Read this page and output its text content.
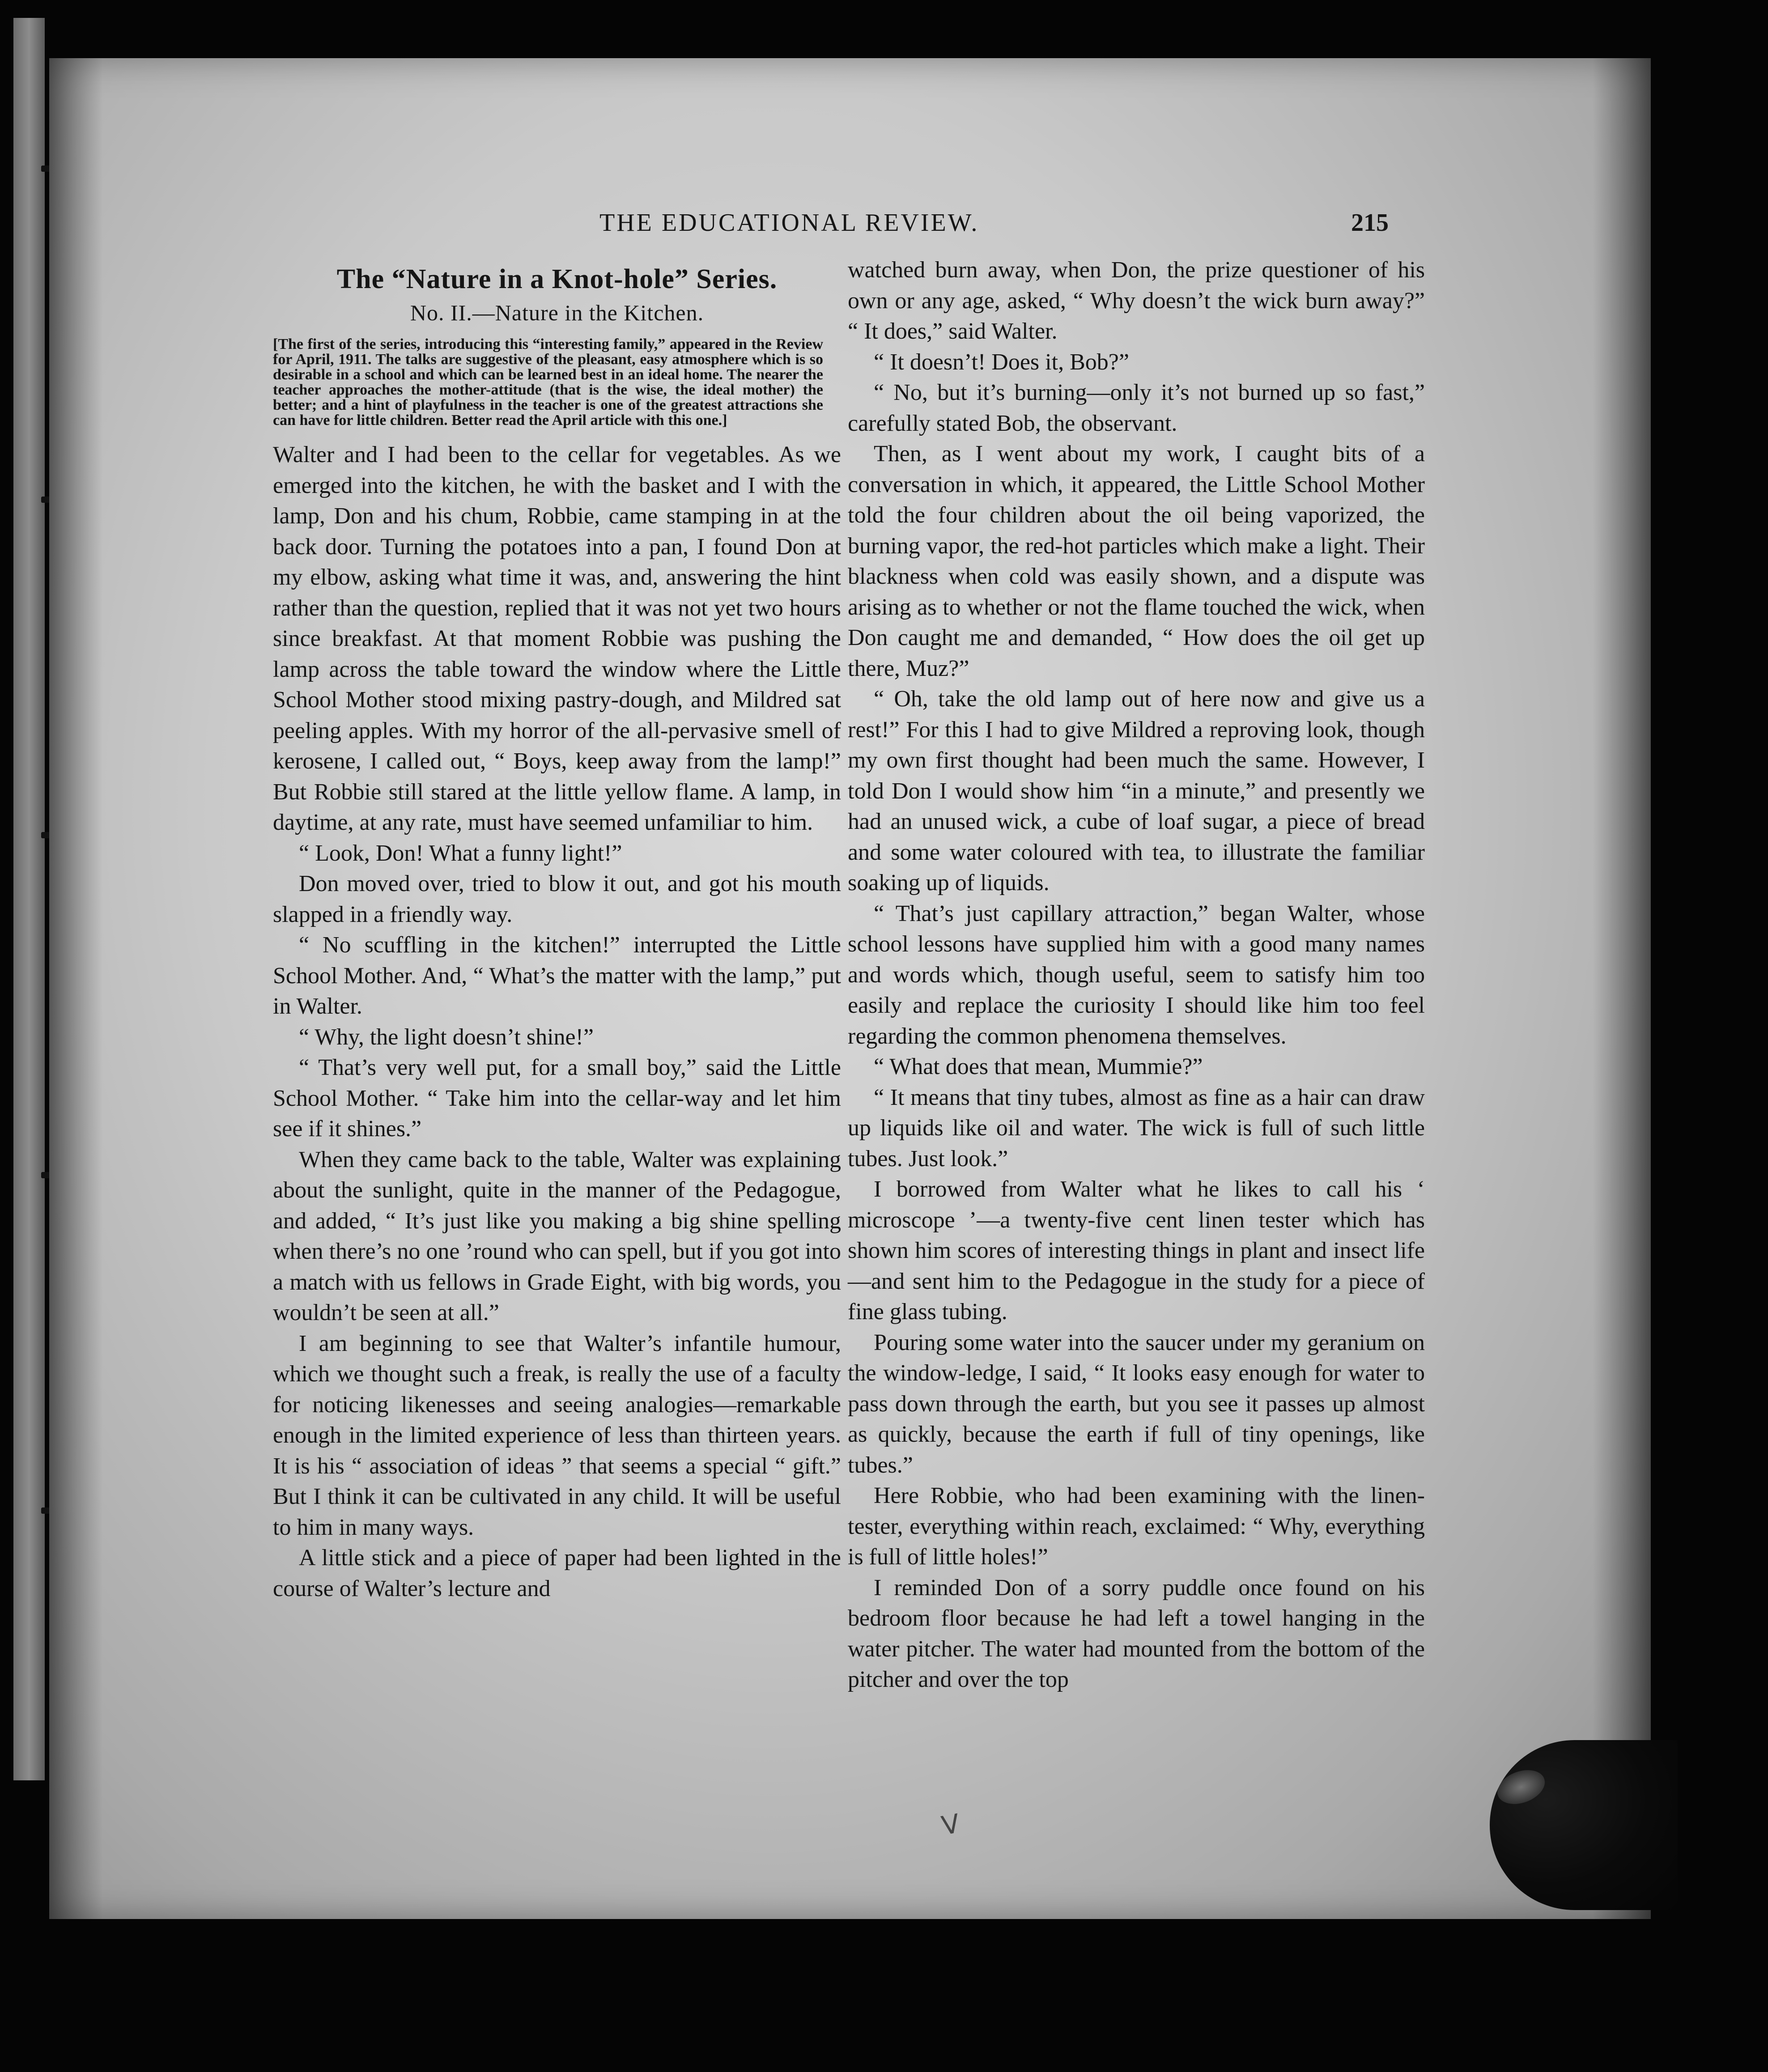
THE EDUCATIONAL REVIEW.	215
The “Nature in a Knot-hole” Series.
No. II.—Nature in the Kitchen.

[The first of the series, introducing this “interesting family,” appeared in the Review for April, 1911. The talks are suggestive of the pleasant, easy atmosphere which is so desirable in a school and which can be learned best in an ideal home. The nearer the teacher approaches the mother-attitude (that is the wise, the ideal mother) the better; and a hint of playfulness in the teacher is one of the greatest attractions she can have for little children. Better read the April article with this one.]

Walter and I had been to the cellar for vegetables. As we emerged into the kitchen, he with the basket and I with the lamp, Don and his chum, Robbie, came stamping in at the back door. Turning the potatoes into a pan, I found Don at my elbow, asking what time it was, and, answering the hint rather than the question, replied that it was not yet two hours since breakfast. At that moment Robbie was pushing the lamp across the table toward the window where the Little School Mother stood mixing pastry-dough, and Mildred sat peeling apples. With my horror of the all-pervasive smell of kerosene, I called out, “ Boys, keep away from the lamp!” But Robbie still stared at the little yellow flame. A lamp, in daytime, at any rate, must have seemed unfamiliar to him.

“ Look, Don! What a funny light!”

Don moved over, tried to blow it out, and got his mouth slapped in a friendly way.

“ No scuffling in the kitchen!” interrupted the Little School Mother. And, “ What’s the matter with the lamp,” put in Walter.

“ Why, the light doesn’t shine!”

“ That’s very well put, for a small boy,” said the Little School Mother. “ Take him into the cellar-way and let him see if it shines.”

When they came back to the table, Walter was explaining about the sunlight, quite in the manner of the Pedagogue, and added, “ It’s just like you making a big shine spelling when there’s no one ’round who can spell, but if you got into a match with us fellows in Grade Eight, with big words, you wouldn’t be seen at all.”

I am beginning to see that Walter’s infantile humour, which we thought such a freak, is really the use of a faculty for noticing likenesses and seeing analogies—remarkable enough in the limited experience of less than thirteen years. It is his “ association of ideas ” that seems a special “ gift.” But I think it can be cultivated in any child. It will be useful to him in many ways.

A little stick and a piece of paper had been lighted in the course of Walter’s lecture and

watched burn away, when Don, the prize questioner of his own or any age, asked, “ Why doesn’t the wick burn away?” “ It does,” said Walter.

“ It doesn’t! Does it, Bob?”

“ No, but it’s burning—only it’s not burned up so fast,” carefully stated Bob, the observant.

Then, as I went about my work, I caught bits of a conversation in which, it appeared, the Little School Mother told the four children about the oil being vaporized, the burning vapor, the red-hot particles which make a light. Their blackness when cold was easily shown, and a dispute was arising as to whether or not the flame touched the wick, when Don caught me and demanded, “ How does the oil get up there, Muz?”

“ Oh, take the old lamp out of here now and give us a rest!” For this I had to give Mildred a reproving look, though my own first thought had been much the same. However, I told Don I would show him “in a minute,” and presently we had an unused wick, a cube of loaf sugar, a piece of bread and some water coloured with tea, to illustrate the familiar soaking up of liquids.

“ That’s just capillary attraction,” began Walter, whose school lessons have supplied him with a good many names and words which, though useful, seem to satisfy him too easily and replace the curiosity I should like him too feel regarding the common phenomena themselves.

“ What does that mean, Mummie?”

“ It means that tiny tubes, almost as fine as a hair can draw up liquids like oil and water. The wick is full of such little tubes. Just look.”

I borrowed from Walter what he likes to call his ‘ microscope ’—a twenty-five cent linen tester which has shown him scores of interesting things in plant and insect life—and sent him to the Pedagogue in the study for a piece of fine glass tubing.

Pouring some water into the saucer under my geranium on the window-ledge, I said, “ It looks easy enough for water to pass down through the earth, but you see it passes up almost as quickly, because the earth if full of tiny openings, like tubes.”

Here Robbie, who had been examining with the linen-tester, everything within reach, exclaimed: “ Why, everything is full of little holes!”

I reminded Don of a sorry puddle once found on his bedroom floor because he had left a towel hanging in the water pitcher. The water had mounted from the bottom of the pitcher and over the top

V
